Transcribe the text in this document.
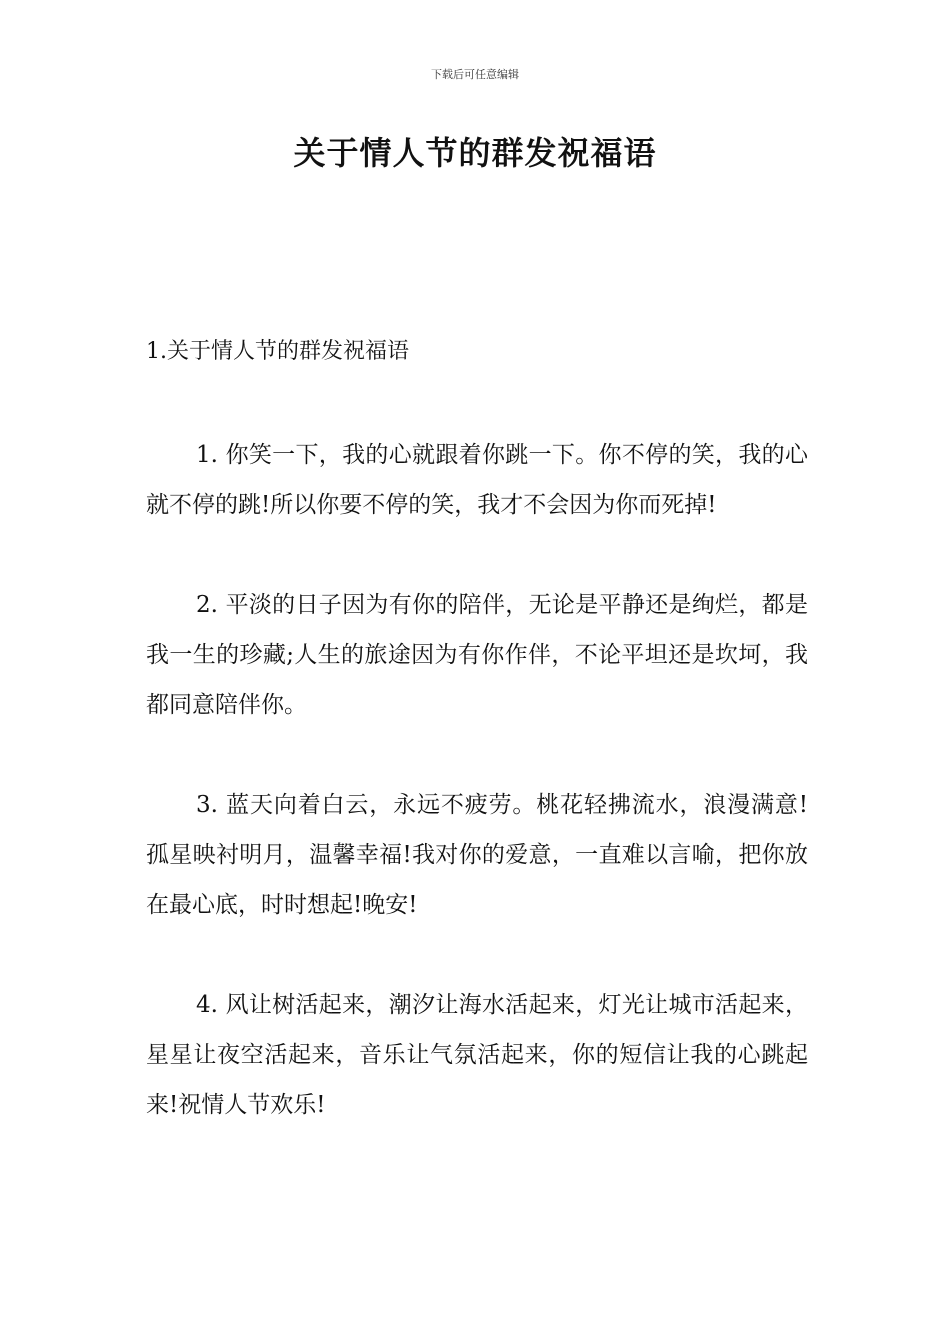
下载后可任意编辑
关于情人节的群发祝福语

1.关于情人节的群发祝福语

1. 你笑一下，我的心就跟着你跳一下。你不停的笑，我的心就不停的跳!所以你要不停的笑，我才不会因为你而死掉!

2. 平淡的日子因为有你的陪伴，无论是平静还是绚烂，都是我一生的珍藏;人生的旅途因为有你作伴，不论平坦还是坎坷，我都同意陪伴你。

3. 蓝天向着白云，永远不疲劳。桃花轻拂流水，浪漫满意!孤星映衬明月，温馨幸福!我对你的爱意，一直难以言喻，把你放在最心底，时时想起!晚安!

4. 风让树活起来，潮汐让海水活起来，灯光让城市活起来，星星让夜空活起来，音乐让气氛活起来，你的短信让我的心跳起来!祝情人节欢乐!
